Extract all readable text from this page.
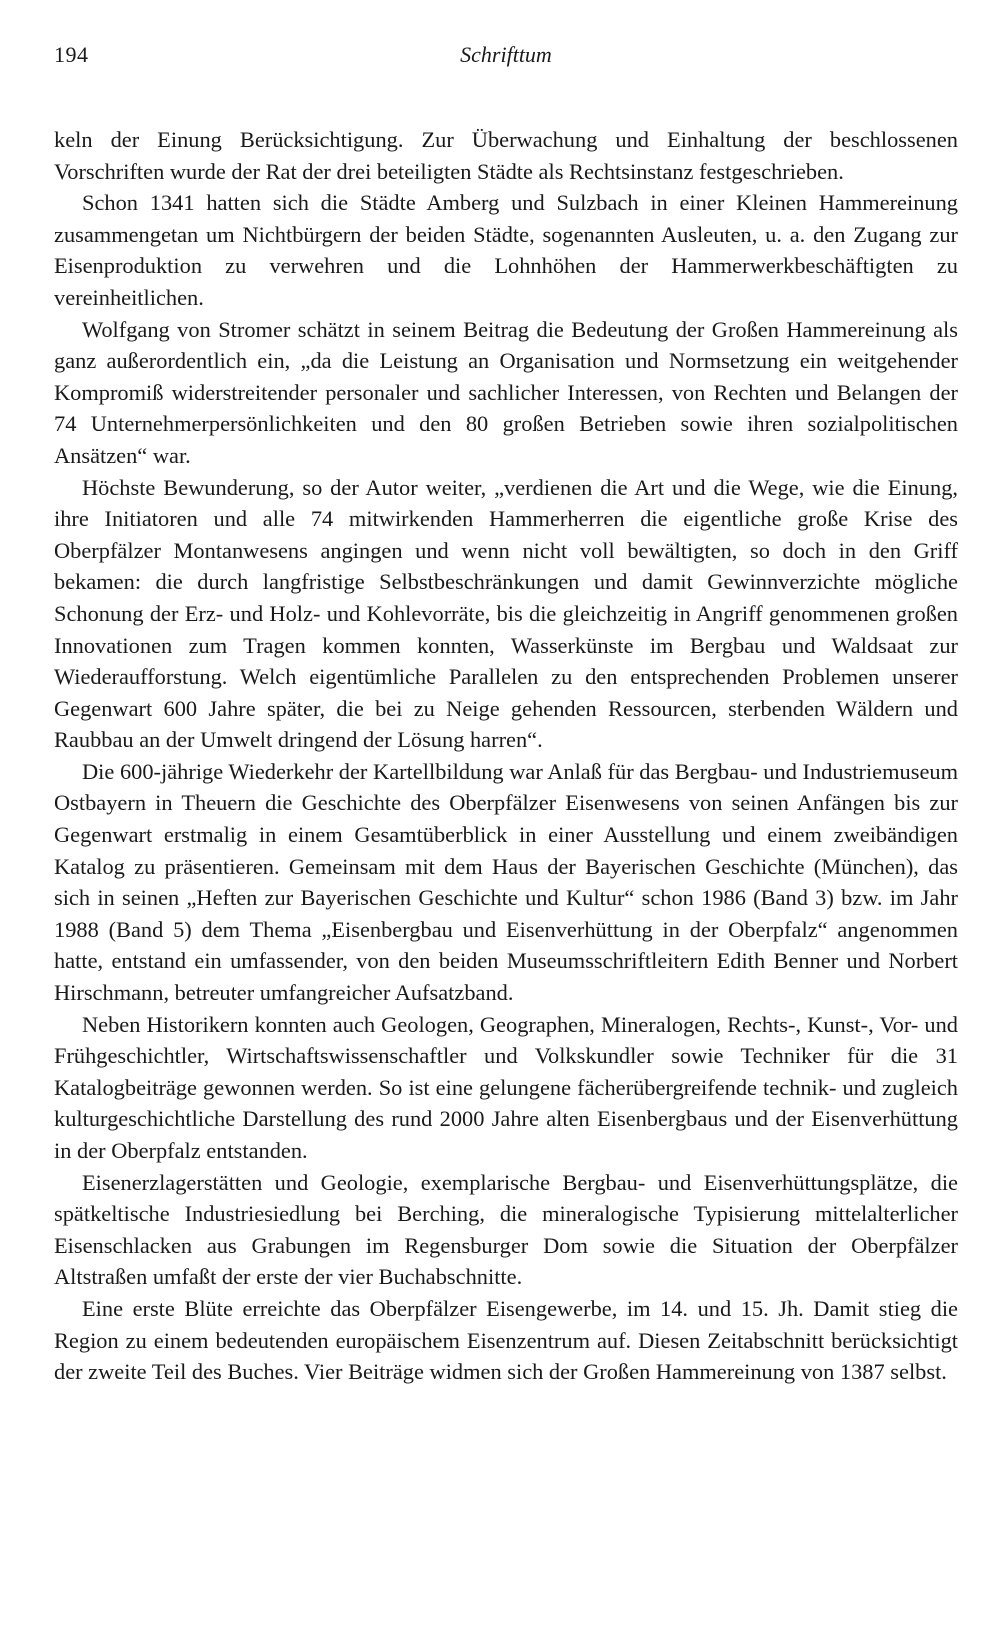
194	Schrifttum

keln der Einung Berücksichtigung. Zur Überwachung und Einhaltung der beschlossenen Vorschriften wurde der Rat der drei beteiligten Städte als Rechtsinstanz festgeschrieben.

Schon 1341 hatten sich die Städte Amberg und Sulzbach in einer Kleinen Hammereinung zusammengetan um Nichtbürgern der beiden Städte, sogenannten Ausleuten, u. a. den Zugang zur Eisenproduktion zu verwehren und die Lohnhöhen der Hammerwerkbeschäftigten zu vereinheitlichen.

Wolfgang von Stromer schätzt in seinem Beitrag die Bedeutung der Großen Hammereinung als ganz außerordentlich ein, „da die Leistung an Organisation und Normsetzung ein weitgehender Kompromiß widerstreitender personaler und sachlicher Interessen, von Rechten und Belangen der 74 Unternehmerpersönlichkeiten und den 80 großen Betrieben sowie ihren sozialpolitischen Ansätzen“ war.

Höchste Bewunderung, so der Autor weiter, „verdienen die Art und die Wege, wie die Einung, ihre Initiatoren und alle 74 mitwirkenden Hammerherren die eigentliche große Krise des Oberpfälzer Montanwesens angingen und wenn nicht voll bewältigten, so doch in den Griff bekamen: die durch langfristige Selbstbeschränkungen und damit Gewinnverzichte mögliche Schonung der Erz- und Holz- und Kohlevorräte, bis die gleichzeitig in Angriff genommenen großen Innovationen zum Tragen kommen konnten, Wasserkünste im Bergbau und Waldsaat zur Wiederaufforstung. Welch eigentümliche Parallelen zu den entsprechenden Problemen unserer Gegenwart 600 Jahre später, die bei zu Neige gehenden Ressourcen, sterbenden Wäldern und Raubbau an der Umwelt dringend der Lösung harren“.

Die 600-jährige Wiederkehr der Kartellbildung war Anlaß für das Bergbau- und Industriemuseum Ostbayern in Theuern die Geschichte des Oberpfälzer Eisenwesens von seinen Anfängen bis zur Gegenwart erstmalig in einem Gesamtüberblick in einer Ausstellung und einem zweibändigen Katalog zu präsentieren. Gemeinsam mit dem Haus der Bayerischen Geschichte (München), das sich in seinen „Heften zur Bayerischen Geschichte und Kultur“ schon 1986 (Band 3) bzw. im Jahr 1988 (Band 5) dem Thema „Eisenbergbau und Eisenverhüttung in der Oberpfalz“ angenommen hatte, entstand ein umfassender, von den beiden Museumsschriftleitern Edith Benner und Norbert Hirschmann, betreuter umfangreicher Aufsatzband.

Neben Historikern konnten auch Geologen, Geographen, Mineralogen, Rechts-, Kunst-, Vor- und Frühgeschichtler, Wirtschaftswissenschaftler und Volkskundler sowie Techniker für die 31 Katalogbeiträge gewonnen werden. So ist eine gelungene fächerübergreifende technik- und zugleich kulturgeschichtliche Darstellung des rund 2000 Jahre alten Eisenbergbaus und der Eisenverhüttung in der Oberpfalz entstanden.

Eisenerzlagerstätten und Geologie, exemplarische Bergbau- und Eisenverhüttungsplätze, die spätkeltische Industriesiedlung bei Berching, die mineralogische Typisierung mittelalterlicher Eisenschlacken aus Grabungen im Regensburger Dom sowie die Situation der Oberpfälzer Altstraßen umfaßt der erste der vier Buchabschnitte.

Eine erste Blüte erreichte das Oberpfälzer Eisengewerbe, im 14. und 15. Jh. Damit stieg die Region zu einem bedeutenden europäischem Eisenzentrum auf. Diesen Zeitabschnitt berücksichtigt der zweite Teil des Buches. Vier Beiträge widmen sich der Großen Hammereinung von 1387 selbst.
